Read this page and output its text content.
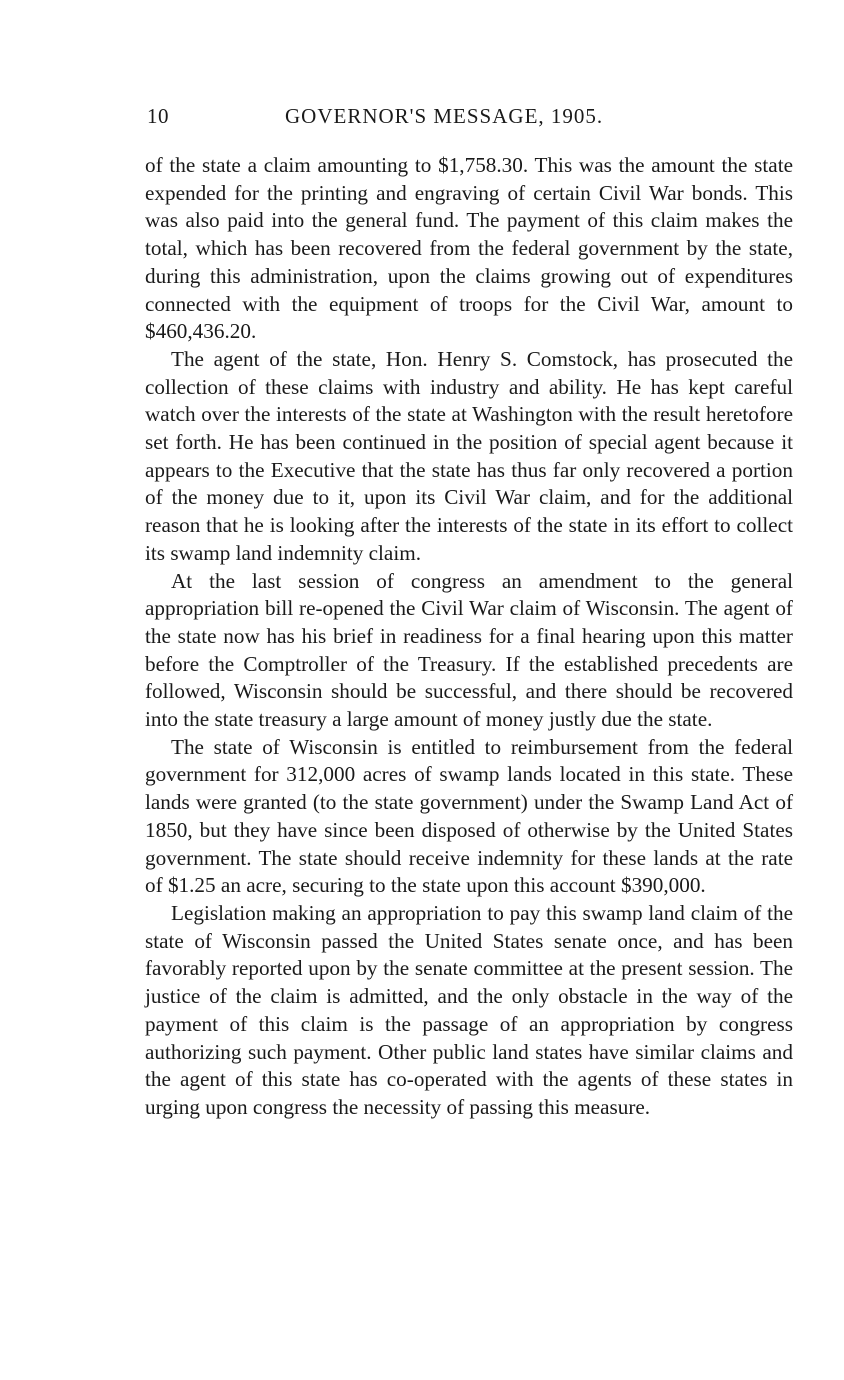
10	GOVERNOR'S MESSAGE, 1905.

of the state a claim amounting to $1,758.30. This was the amount the state expended for the printing and engraving of certain Civil War bonds. This was also paid into the general fund. The payment of this claim makes the total, which has been recovered from the federal government by the state, during this administration, upon the claims growing out of expenditures connected with the equipment of troops for the Civil War, amount to $460,436.20.

The agent of the state, Hon. Henry S. Comstock, has prosecuted the collection of these claims with industry and ability. He has kept careful watch over the interests of the state at Washington with the result heretofore set forth. He has been continued in the position of special agent because it appears to the Executive that the state has thus far only recovered a portion of the money due to it, upon its Civil War claim, and for the additional reason that he is looking after the interests of the state in its effort to collect its swamp land indemnity claim.

At the last session of congress an amendment to the general appropriation bill re-opened the Civil War claim of Wisconsin. The agent of the state now has his brief in readiness for a final hearing upon this matter before the Comptroller of the Treasury. If the established precedents are followed, Wisconsin should be successful, and there should be recovered into the state treasury a large amount of money justly due the state.

The state of Wisconsin is entitled to reimbursement from the federal government for 312,000 acres of swamp lands located in this state. These lands were granted (to the state government) under the Swamp Land Act of 1850, but they have since been disposed of otherwise by the United States government. The state should receive indemnity for these lands at the rate of $1.25 an acre, securing to the state upon this account $390,000.

Legislation making an appropriation to pay this swamp land claim of the state of Wisconsin passed the United States senate once, and has been favorably reported upon by the senate committee at the present session. The justice of the claim is admitted, and the only obstacle in the way of the payment of this claim is the passage of an appropriation by congress authorizing such payment. Other public land states have similar claims and the agent of this state has co-operated with the agents of these states in urging upon congress the necessity of passing this measure.
